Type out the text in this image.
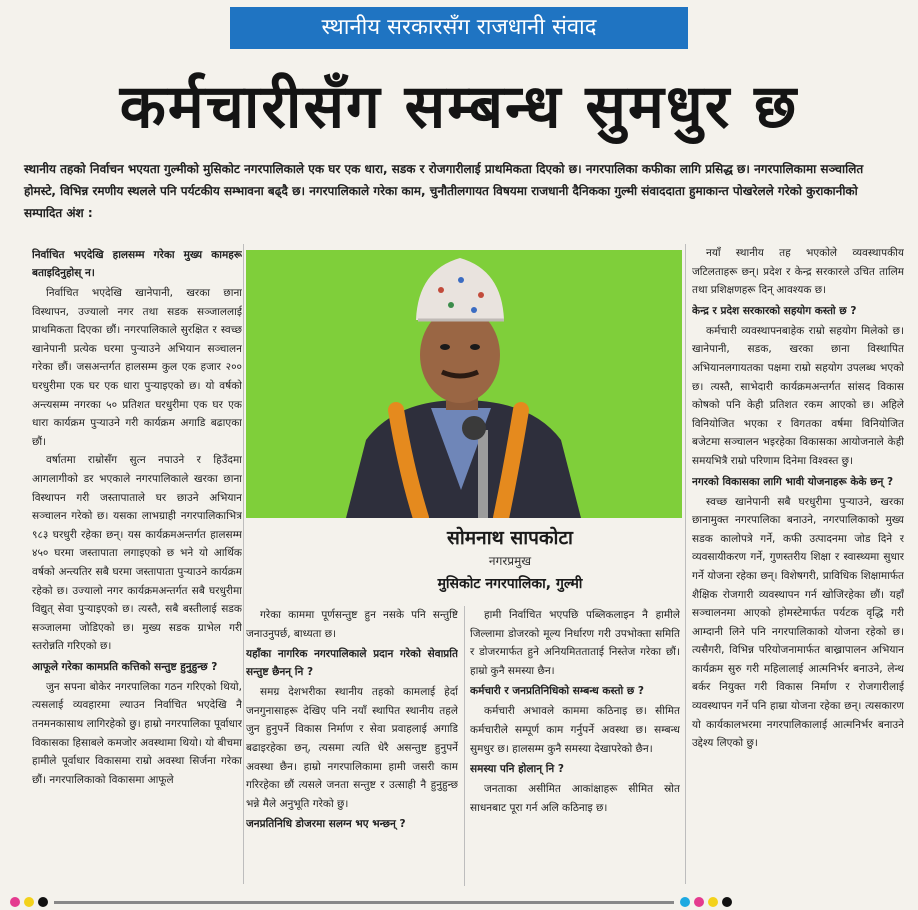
स्थानीय सरकारसँग राजधानी संवाद
कर्मचारीसँग सम्बन्ध सुमधुर छ
स्थानीय तहको निर्वाचन भएयता गुल्मीको मुसिकोट नगरपालिकाले एक घर एक धारा, सडक र रोजगारीलाई प्राथमिकता दिएको छ। नगरपालिका कफीका लागि प्रसिद्ध छ। नगरपालिकामा सञ्चालित होमस्टे, विभिन्न रमणीय स्थलले पनि पर्यटकीय सम्भावना बढ्दै छ। नगरपालिकाले गरेका काम, चुनौतीलगायत विषयमा राजधानी दैनिकका गुल्मी संवाददाता हुमाकान्त पोखरेलले गरेको कुराकानीको सम्पादित अंश :
निर्वाचित भएदेखि हालसम्म गरेका मुख्य कामहरू बताइदिनुहोस् न।

निर्वाचित भएदेखि खानेपानी, खरका छाना विस्थापन, उज्यालो नगर तथा सडक सञ्जाललाई प्राथमिकता दिएका छौं। नगरपालिकाले सुरक्षित र स्वच्छ खानेपानी प्रत्येक घरमा पुर्‍याउने अभियान सञ्चालन गरेका छौं। जसअन्तर्गत हालसम्म कुल एक हजार २०० घरधुरीमा एक घर एक धारा पुर्‍याइएको छ। यो वर्षको अन्त्यसम्म नगरका ५० प्रतिशत घरधुरीमा एक घर एक धारा कार्यक्रम पुर्‍याउने गरी कार्यक्रम अगाडि बढाएका छौं।

वर्षातमा राम्रोसँग सुत्न नपाउने र हिउँदमा आगलागीको डर भएकाले नगरपालिकाले खरका छाना विस्थापन गरी जस्तापाताले घर छाउने अभियान सञ्चालन गरेको छ। यसका लाभग्राही नगरपालिकाभित्र ९८३ घरधुरी रहेका छन्। यस कार्यक्रमअन्तर्गत हालसम्म ४५० घरमा जस्तापाता लगाइएको छ भने यो आर्थिक वर्षको अन्त्यतिर सबै घरमा जस्तापाता पुर्‍याउने कार्यक्रम रहेको छ। उज्यालो नगर कार्यक्रमअन्तर्गत सबै घरधुरीमा विद्युत् सेवा पुर्‍याइएको छ। त्यस्तै, सबै बस्तीलाई सडक सञ्जालमा जोडिएको छ। मुख्य सडक ग्राभेल गरी स्तरोन्नति गरिएको छ।

आफूले गरेका कामप्रति कत्तिको सन्तुष्ट हुनुहुन्छ ?

जुन सपना बोकेर नगरपालिका गठन गरिएको थियो, त्यसलाई व्यवहारमा ल्याउन निर्वाचित भएदेखि नै तनमनकासाथ लागिरहेको छु। हाम्रो नगरपालिका पूर्वाधार विकासका हिसाबले कमजोर अवस्थामा थियो। यो बीचमा हामीले पूर्वाधार विकासमा राम्रो अवस्था सिर्जना गरेका छौं। नगरपालिकाको विकासमा आफूले

सोमनाथ सापकोटा
नगरप्रमुख
मुसिकोट नगरपालिका, गुल्मी

गरेका काममा पूर्णसन्तुष्ट हुन नसके पनि सन्तुष्टि जनाउनुपर्छ, बाध्यता छ।

यहाँका नागरिक नगरपालिकाले प्रदान गरेको सेवाप्रति सन्तुष्ट छैनन् नि ?

समग्र देशभरीका स्थानीय तहको कामलाई हेर्दा जनगुनासाहरू देखिए पनि नयाँ स्थापित स्थानीय तहले जुन हुनुपर्ने विकास निर्माण र सेवा प्रवाहलाई अगाडि बढाइरहेका छन्, त्यसमा त्यति धेरै असन्तुष्ट हुनुपर्ने अवस्था छैन। हाम्रो नगरपालिकामा हामी जसरी काम गरिरहेका छौं त्यसले जनता सन्तुष्ट र उत्साही नै हुनुहुन्छ भन्ने मैले अनुभूति गरेको छु।

जनप्रतिनिधि डोजरमा सलग्न भए भन्छन् ?

हामी निर्वाचित भएपछि पब्लिकलाइन नै हामीले जिल्लामा डोजरको मूल्य निर्धारण गरी उपभोक्ता समिति र डोजरमार्फत हुने अनियमितताताई निस्तेज गरेका छौं। हाम्रो कुनै समस्या छैन।

कर्मचारी र जनप्रतिनिधिको सम्बन्ध कस्तो छ ?

कर्मचारी अभावले काममा कठिनाइ छ। सीमित कर्मचारीले सम्पूर्ण काम गर्नुपर्ने अवस्था छ। सम्बन्ध सुमधुर छ। हालसम्म कुनै समस्या देखापरेको छैन।

समस्या पनि होलान् नि ?

जनताका असीमित आकांक्षाहरू सीमित स्रोत साधनबाट पूरा गर्न अलि कठिनाइ छ।

नयाँ स्थानीय तह भएकोले व्यवस्थापकीय जटिलताहरू छन्। प्रदेश र केन्द्र सरकारले उचित तालिम तथा प्रशिक्षणहरू दिन् आवश्यक छ।

केन्द्र र प्रदेश सरकारको सहयोग कस्तो छ ?

कर्मचारी व्यवस्थापनबाहेक राम्रो सहयोग मिलेको छ। खानेपानी, सडक, खरका छाना विस्थापित अभियानलगायतका पक्षमा राम्रो सहयोग उपलब्ध भएको छ। त्यस्तै, साभेदारी कार्यक्रमअन्तर्गत सांसद विकास कोषको पनि केही प्रतिशत रकम आएको छ। अहिले विनियोजित भएका र विगतका वर्षमा विनियोजित बजेटमा सञ्चालन भइरहेका विकासका आयोजनाले केही समयभित्रै राम्रो परिणाम दिनेमा विश्वस्त छु।

नगरको विकासका लागि भावी योजनाहरू केके छन् ?

स्वच्छ खानेपानी सबै घरधुरीमा पुर्‍याउने, खरका छानामुक्त नगरपालिका बनाउने, नगरपालिकाको मुख्य सडक कालोपत्रे गर्ने, कफी उत्पादनमा जोड दिने र व्यवसायीकरण गर्ने, गुणस्तरीय शिक्षा र स्वास्थ्यमा सुधार गर्ने योजना रहेका छन्। विशेषगरी, प्राविधिक शिक्षामार्फत शैक्षिक रोजगारी व्यवस्थापन गर्न खोजिरहेका छौं। यहाँ सञ्चालनमा आएको होमस्टेमार्फत पर्यटक वृद्धि गरी आम्दानी लिने पनि नगरपालिकाको योजना रहेको छ। त्यसैगरी, विभिन्न परियोजनामार्फत बाख्रापालन अभियान कार्यक्रम सुरु गरी महिलालाई आत्मनिर्भर बनाउने, लेन्थ बर्कर नियुक्त गरी विकास निर्माण र रोजगारीलाई व्यवस्थापन गर्ने पनि हाम्रा योजना रहेका छन्। त्यसकारण यो कार्यकालभरमा नगरपालिकालाई आत्मनिर्भर बनाउने उद्देश्य लिएको छु।
